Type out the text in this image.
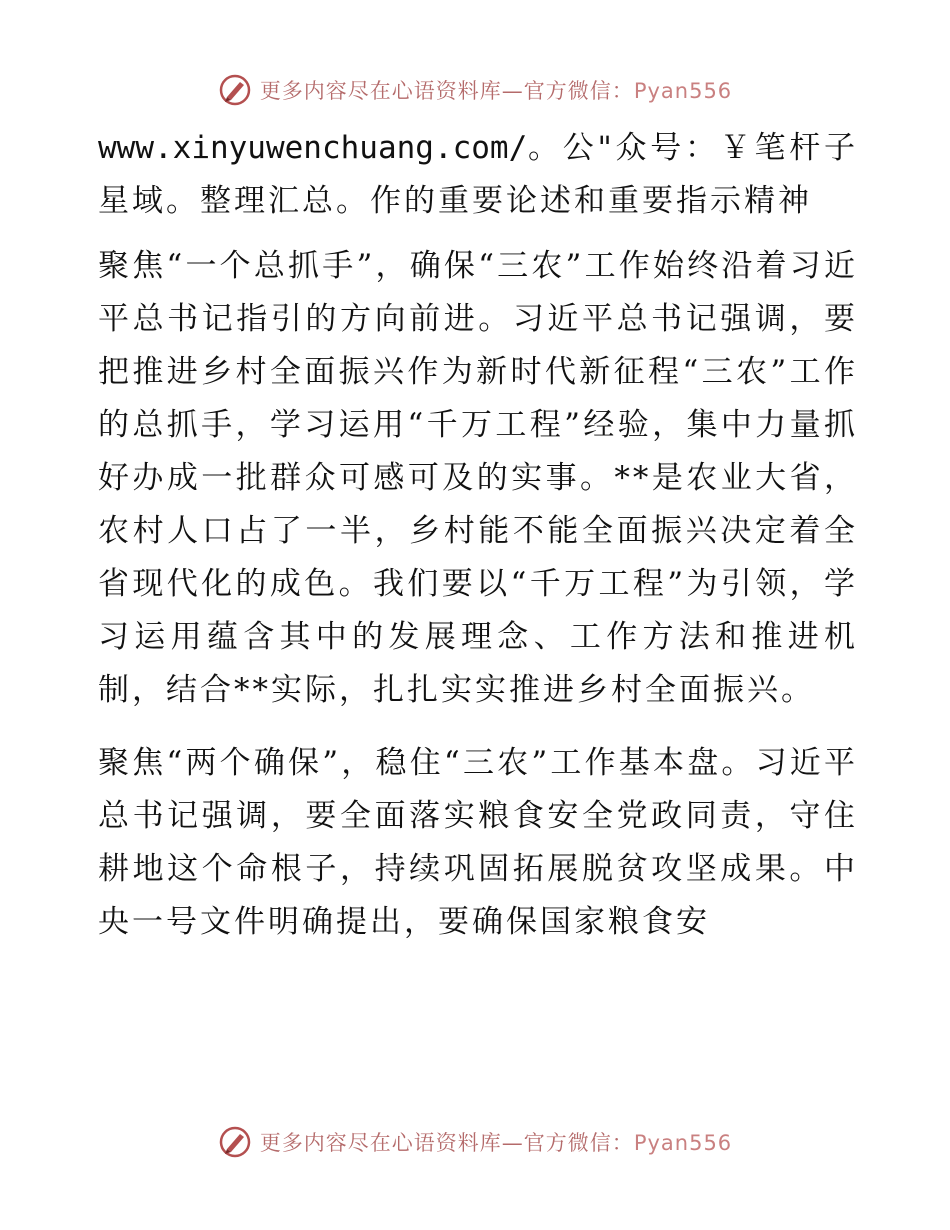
更多内容尽在心语资料库—官方微信：Pyan556

www.xinyuwenchuang.com/。公"众号：￥笔杆子星域。整理汇总。作的重要论述和重要指示精神

聚焦“一个总抓手”，确保“三农”工作始终沿着习近平总书记指引的方向前进。习近平总书记强调，要把推进乡村全面振兴作为新时代新征程“三农”工作的总抓手，学习运用“千万工程”经验，集中力量抓好办成一批群众可感可及的实事。**是农业大省，农村人口占了一半，乡村能不能全面振兴决定着全省现代化的成色。我们要以“千万工程”为引领，学习运用蕴含其中的发展理念、工作方法和推进机制，结合**实际，扎扎实实推进乡村全面振兴。

聚焦“两个确保”，稳住“三农”工作基本盘。习近平总书记强调，要全面落实粮食安全党政同责，守住耕地这个命根子，持续巩固拓展脱贫攻坚成果。中央一号文件明确提出，要确保国家粮食安

更多内容尽在心语资料库—官方微信：Pyan556
